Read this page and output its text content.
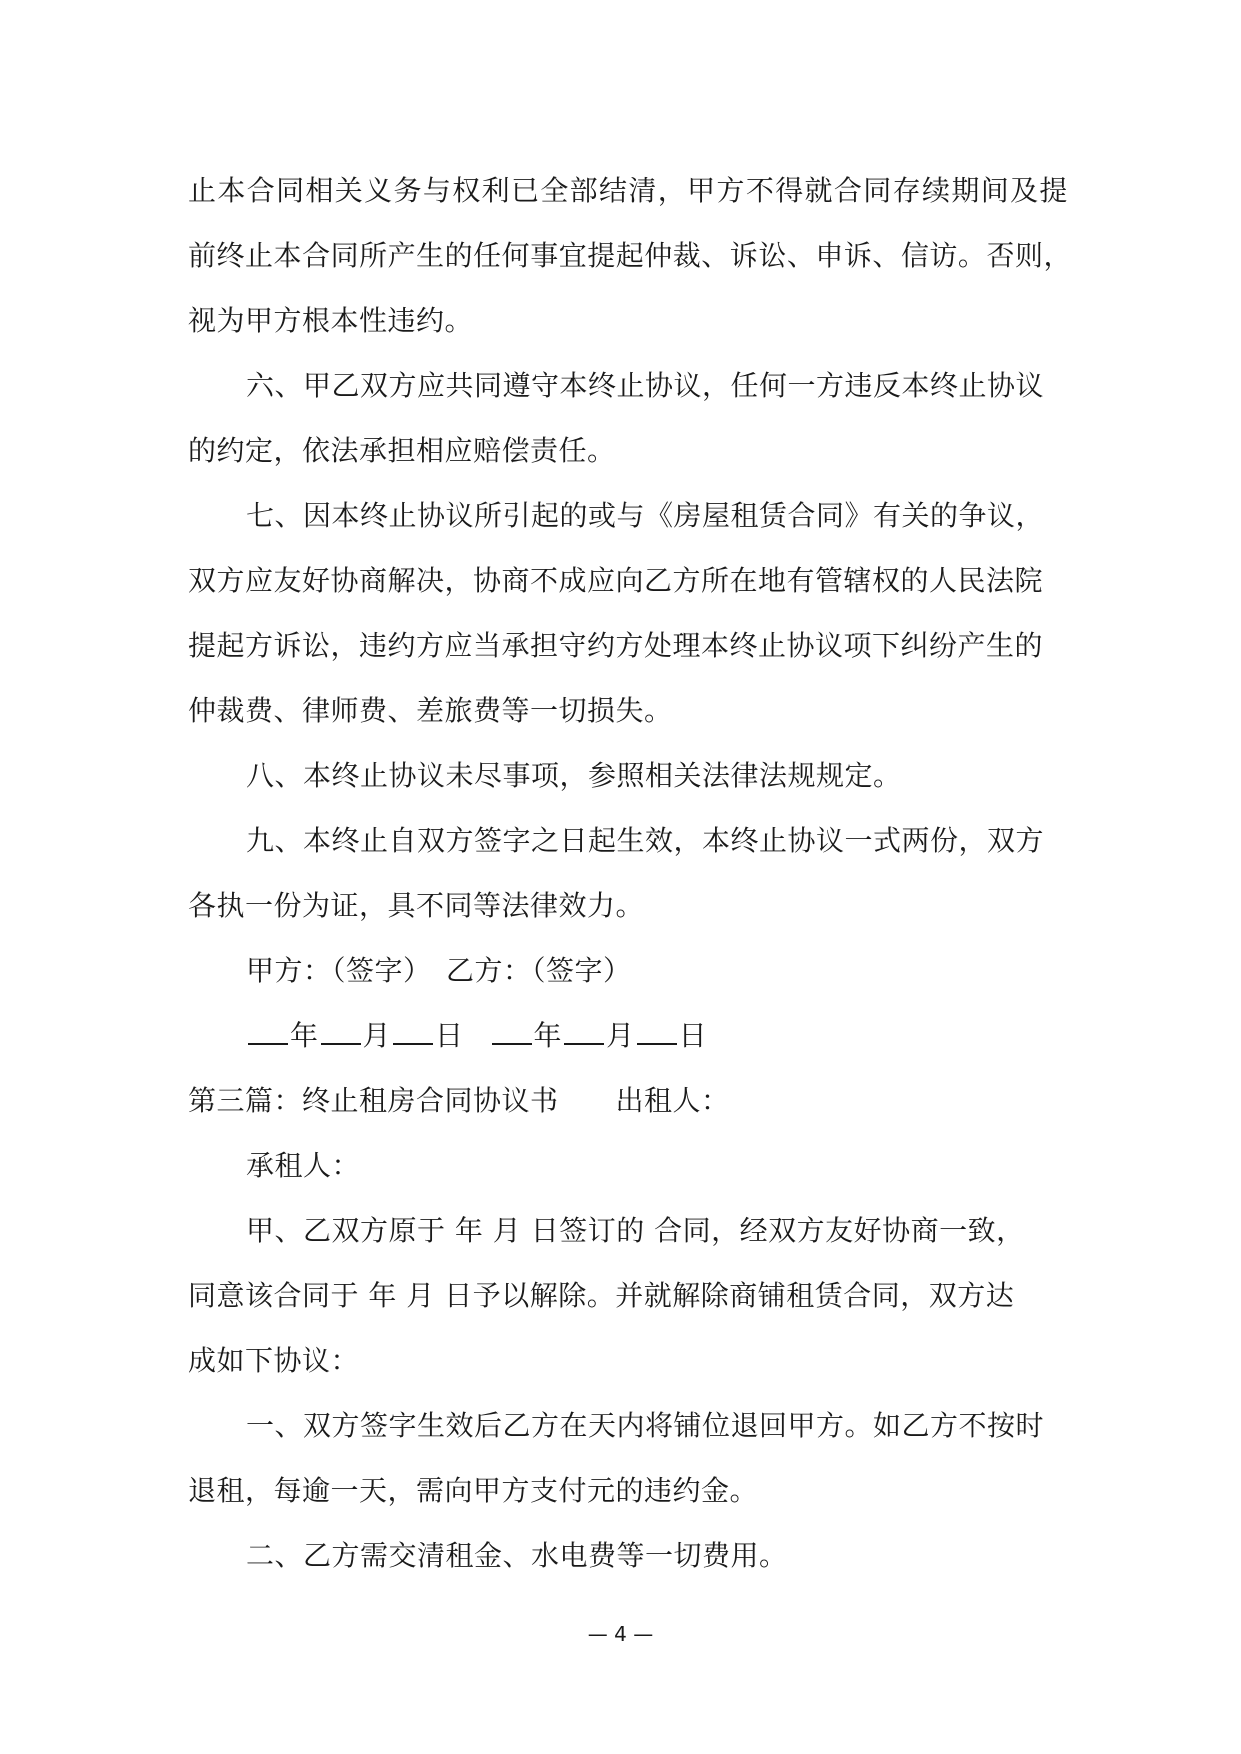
止 本 合 同 相 关 义 务 与 权 利 已 全 部 结 清 ， 甲 方 不 得 就 合 同 存 续 期 间 及 提
前 终 止 本 合 同 所 产 生 的 任 何 事 宜 提 起 仲 裁 、 诉 讼 、 申 诉 、 信 访 。 否 则 ，
视为甲方根本性违约。
六、甲乙双方应共同遵守本终止协议，任何一方违反本终止协议
的约定，依法承担相应赔偿责任。
七、因本终止协议所引起的或与《房屋租赁合同》有关的争议，
双方应友好协商解决，协商不成应向乙方所在地有管辖权的人民法院
提起方诉讼，违约方应当承担守约方处理本终止协议项下纠纷产生的
仲裁费、律师费、差旅费等一切损失。
八、本终止协议未尽事项，参照相关法律法规规定。
九、本终止自双方签字之日起生效，本终止协议一式两份，双方
各执一份为证，具不同等法律效力。
甲方：（签字）　乙方：（签字）
年 月 日	年 月 日
第三篇：终止租房合同协议书　　出租人：
承租人：
甲、乙双方原于 年 月 日签订的 合同，经双方友好协商一致，
同意该合同于 年 月 日予以解除。并就解除商铺租赁合同，双方达
成如下协议：
一、双方签字生效后乙方在天内将铺位退回甲方。如乙方不按时
退租，每逾一天，需向甲方支付元的违约金。
二、乙方需交清租金、水电费等一切费用。
— 4 —
